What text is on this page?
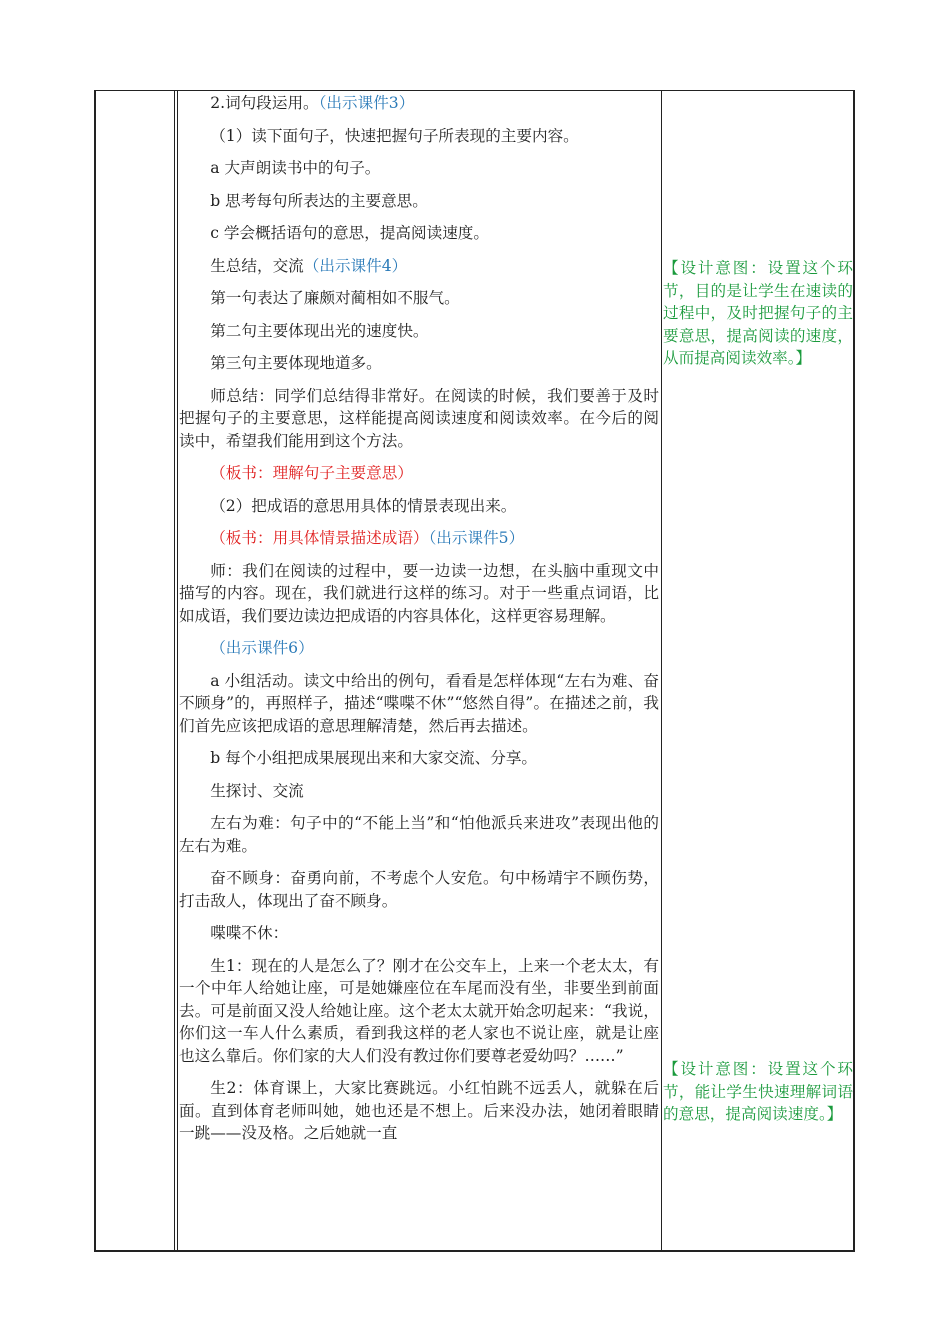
2.词句段运用。（出示课件3）

（1）读下面句子，快速把握句子所表现的主要内容。

a 大声朗读书中的句子。

b 思考每句所表达的主要意思。

c 学会概括语句的意思，提高阅读速度。

生总结，交流（出示课件4）

第一句表达了廉颇对蔺相如不服气。

第二句主要体现出光的速度快。

第三句主要体现地道多。

师总结：同学们总结得非常好。在阅读的时候，我们要善于及时把握句子的主要意思，这样能提高阅读速度和阅读效率。在今后的阅读中，希望我们能用到这个方法。

（板书：理解句子主要意思）

（2）把成语的意思用具体的情景表现出来。

（板书：用具体情景描述成语）（出示课件5）

师：我们在阅读的过程中，要一边读一边想，在头脑中重现文中描写的内容。现在，我们就进行这样的练习。对于一些重点词语，比如成语，我们要边读边把成语的内容具体化，这样更容易理解。

（出示课件6）

a 小组活动。读文中给出的例句，看看是怎样体现“左右为难、奋不顾身”的，再照样子，描述“喋喋不休”“悠然自得”。在描述之前，我们首先应该把成语的意思理解清楚，然后再去描述。

b 每个小组把成果展现出来和大家交流、分享。

生探讨、交流

左右为难：句子中的“不能上当”和“怕他派兵来进攻”表现出他的左右为难。

奋不顾身：奋勇向前，不考虑个人安危。句中杨靖宇不顾伤势，打击敌人，体现出了奋不顾身。

喋喋不休：

生1：现在的人是怎么了？刚才在公交车上，上来一个老太太，有一个中年人给她让座，可是她嫌座位在车尾而没有坐，非要坐到前面去。可是前面又没人给她让座。这个老太太就开始念叨起来：“我说，你们这一车人什么素质，看到我这样的老人家也不说让座，就是让座也这么靠后。你们家的大人们没有教过你们要尊老爱幼吗？……”

生2：体育课上，大家比赛跳远。小红怕跳不远丢人，就躲在后面。直到体育老师叫她，她也还是不想上。后来没办法，她闭着眼睛一跳——没及格。之后她就一直

【设计意图：设置这个环节，目的是让学生在速读的过程中，及时把握句子的主要意思，提高阅读的速度，从而提高阅读效率。】
【设计意图：设置这个环节，能让学生快速理解词语的意思，提高阅读速度。】
